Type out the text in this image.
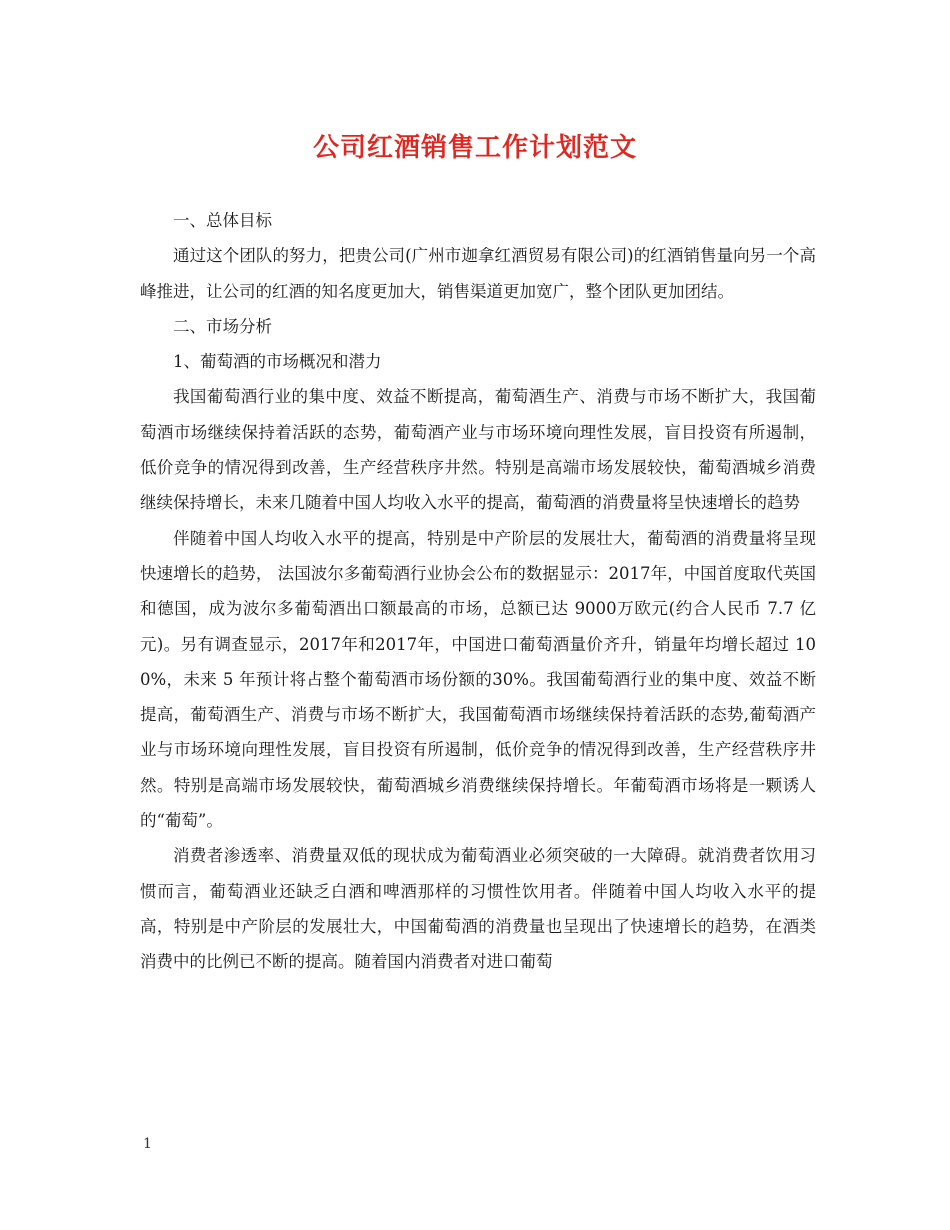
公司红酒销售工作计划范文

一、总体目标

通过这个团队的努力，把贵公司(广州市迦拿红酒贸易有限公司)的红酒销售量向另一个高峰推进，让公司的红酒的知名度更加大，销售渠道更加宽广，整个团队更加团结。

二、市场分析

1、葡萄酒的市场概况和潜力

我国葡萄酒行业的集中度、效益不断提高，葡萄酒生产、消费与市场不断扩大，我国葡萄酒市场继续保持着活跃的态势，葡萄酒产业与市场环境向理性发展，盲目投资有所遏制，低价竞争的情况得到改善，生产经营秩序井然。特别是高端市场发展较快，葡萄酒城乡消费继续保持增长，未来几随着中国人均收入水平的提高，葡萄酒的消费量将呈快速增长的趋势

伴随着中国人均收入水平的提高，特别是中产阶层的发展壮大，葡萄酒的消费量将呈现快速增长的趋势， 法国波尔多葡萄酒行业协会公布的数据显示：2017年，中国首度取代英国和德国，成为波尔多葡萄酒出口额最高的市场，总额已达 9000万欧元(约合人民币 7.7 亿元)。另有调查显示，2017年和2017年，中国进口葡萄酒量价齐升，销量年均增长超过 100%，未来 5 年预计将占整个葡萄酒市场份额的30%。我国葡萄酒行业的集中度、效益不断提高，葡萄酒生产、消费与市场不断扩大，我国葡萄酒市场继续保持着活跃的态势,葡萄酒产业与市场环境向理性发展，盲目投资有所遏制，低价竞争的情况得到改善，生产经营秩序井然。特别是高端市场发展较快，葡萄酒城乡消费继续保持增长。年葡萄酒市场将是一颗诱人的“葡萄”。

消费者渗透率、消费量双低的现状成为葡萄酒业必须突破的一大障碍。就消费者饮用习惯而言，葡萄酒业还缺乏白酒和啤酒那样的习惯性饮用者。伴随着中国人均收入水平的提高，特别是中产阶层的发展壮大，中国葡萄酒的消费量也呈现出了快速增长的趋势，在酒类消费中的比例已不断的提高。随着国内消费者对进口葡萄

1
